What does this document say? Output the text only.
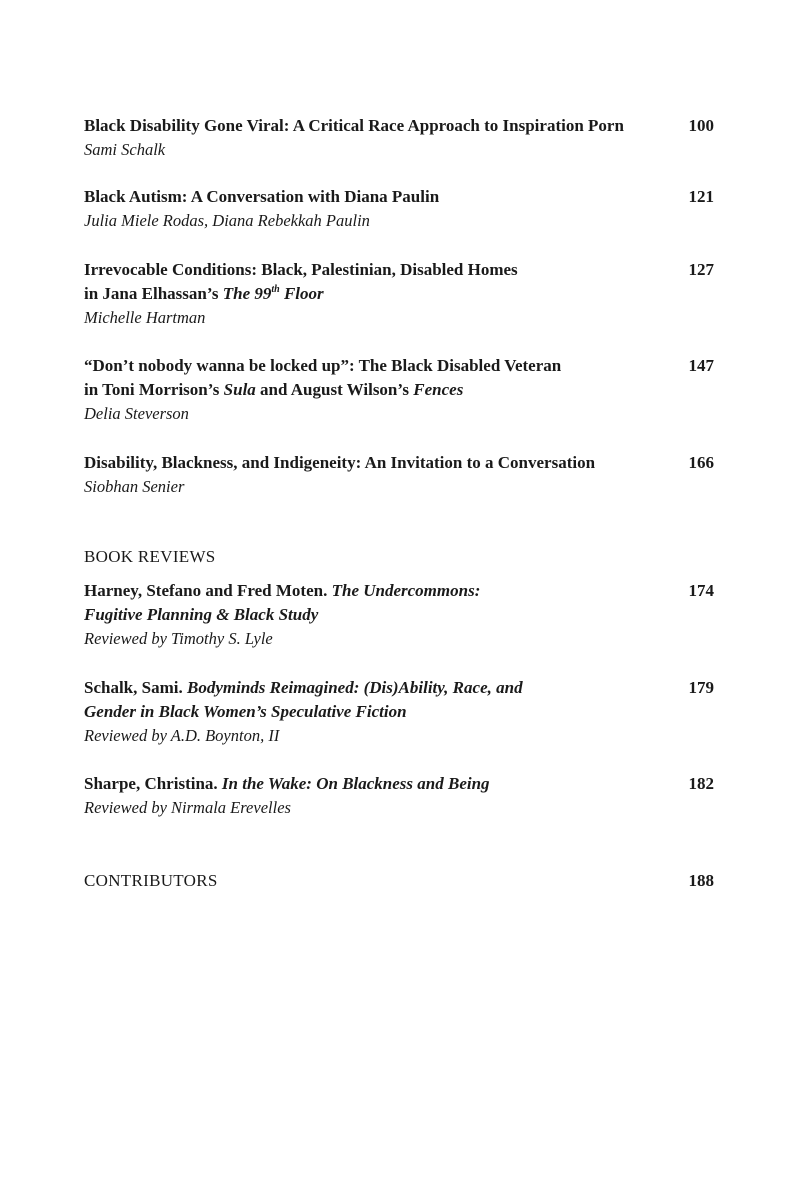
Black Disability Gone Viral: A Critical Race Approach to Inspiration Porn
Sami Schalk
100
Black Autism: A Conversation with Diana Paulin
Julia Miele Rodas, Diana Rebekkah Paulin
121
Irrevocable Conditions: Black, Palestinian, Disabled Homes
in Jana Elhassan’s The 99th Floor
Michelle Hartman
127
“Don’t nobody wanna be locked up”: The Black Disabled Veteran
in Toni Morrison’s Sula and August Wilson’s Fences
Delia Steverson
147
Disability, Blackness, and Indigeneity: An Invitation to a Conversation
Siobhan Senier
166
BOOK REVIEWS
Harney, Stefano and Fred Moten. The Undercommons:
Fugitive Planning & Black Study
Reviewed by Timothy S. Lyle
174
Schalk, Sami. Bodyminds Reimagined: (Dis)Ability, Race, and
Gender in Black Women’s Speculative Fiction
Reviewed by A.D. Boynton, II
179
Sharpe, Christina. In the Wake: On Blackness and Being
Reviewed by Nirmala Erevelles
182
CONTRIBUTORS	188
